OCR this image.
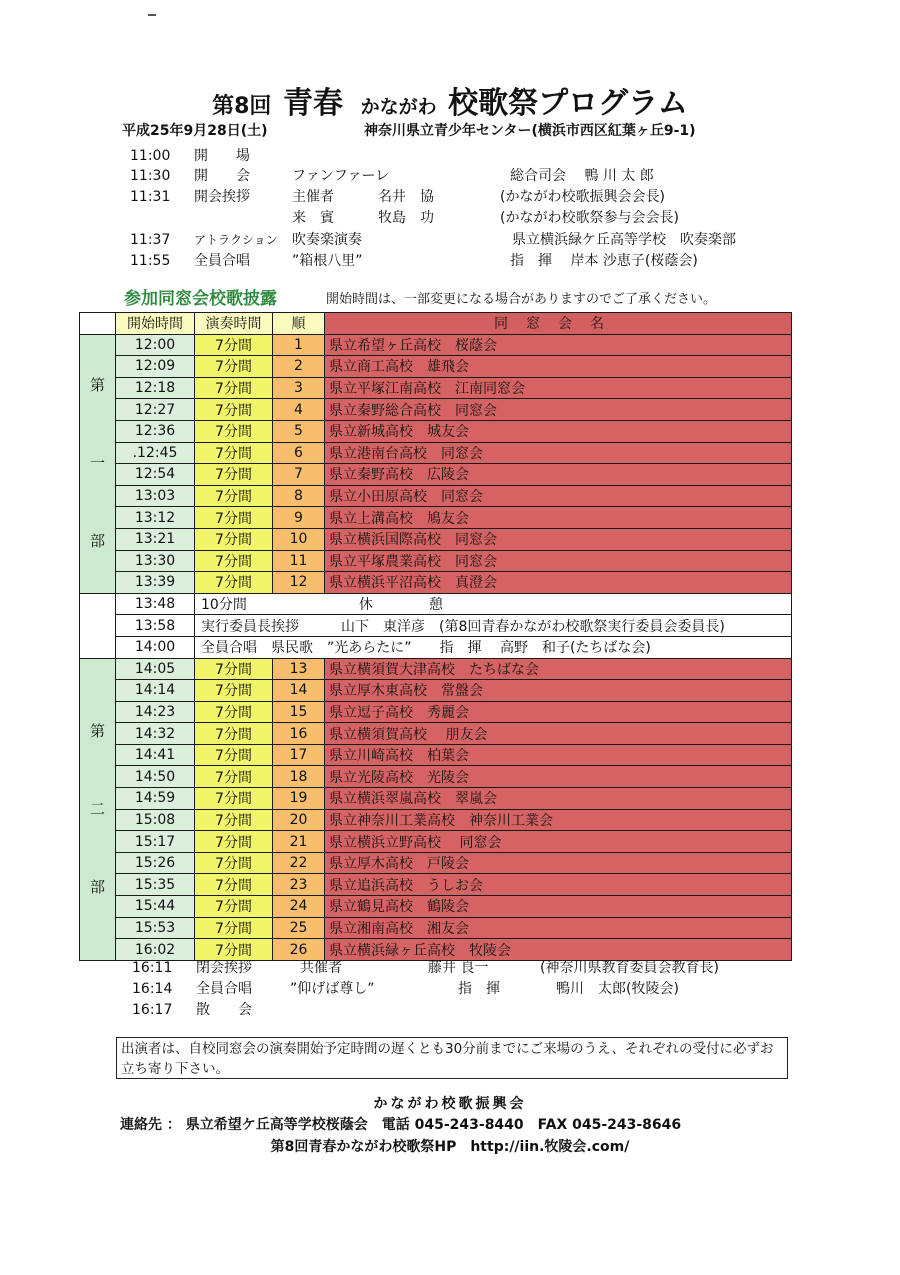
第8回 青春 かながわ 校歌祭プログラム
平成25年9月28日(土)	神奈川県立青少年センター(横浜市西区紅葉ヶ丘9-1)
11:00 開　　場
11:30 開　　会	ファンファーレ	総合司会　 鴨 川 太 郎
11:31 開会挨拶	主催者	名井　協	(かながわ校歌振興会会長)
来　賓	牧島　功	(かながわ校歌祭参与会会長)
11:37 アトラクション 吹奏楽演奏	県立横浜緑ケ丘高等学校　吹奏楽部
11:55 全員合唱	”箱根八里”	指　揮　 岸本 沙恵子(桜蔭会)
参加同窓会校歌披露	開始時間は、一部変更になる場合がありますのでご了承ください。
	開始時間	演奏時間	順	同窓会名
第

一

部	12:00	7分間	1	県立希望ヶ丘高校　桜蔭会
	12:09	7分間	2	県立商工高校　雄飛会
	12:18	7分間	3	県立平塚江南高校　江南同窓会
	12:27	7分間	4	県立秦野総合高校　同窓会
	12:36	7分間	5	県立新城高校　城友会
	.12:45	7分間	6	県立港南台高校　同窓会
	12:54	7分間	7	県立秦野高校　広陵会
	13:03	7分間	8	県立小田原高校　同窓会
	13:12	7分間	9	県立上溝高校　鳩友会
	13:21	7分間	10	県立横浜国際高校　同窓会
	13:30	7分間	11	県立平塚農業高校　同窓会
	13:39	7分間	12	県立横浜平沼高校　真澄会
	13:48	10分間　　　　　　　　休　　　　憩		
	13:58	実行委員長挨拶　　　山下　東洋彦　(第8回青春かながわ校歌祭実行委員会委員長)		
	14:00	全員合唱　県民歌　”光あらたに”　　指　揮　 高野　和子(たちばな会)		
第

二

部	14:05	7分間	13	県立横須賀大津高校　たちばな会
	14:14	7分間	14	県立厚木東高校　常盤会
	14:23	7分間	15	県立逗子高校　秀麗会
	14:32	7分間	16	県立横須賀高校　 朋友会
	14:41	7分間	17	県立川崎高校　柏葉会
	14:50	7分間	18	県立光陵高校　光陵会
	14:59	7分間	19	県立横浜翠嵐高校　翠嵐会
	15:08	7分間	20	県立神奈川工業高校　神奈川工業会
	15:17	7分間	21	県立横浜立野高校　 同窓会
	15:26	7分間	22	県立厚木高校　戸陵会
	15:35	7分間	23	県立追浜高校　うしお会
	15:44	7分間	24	県立鶴見高校　鶴陵会
	15:53	7分間	25	県立湘南高校　湘友会
	16:02	7分間	26	県立横浜緑ヶ丘高校　牧陵会
16:11 閉会挨拶	共催者	藤井 良一	(神奈川県教育委員会教育長)
16:14 全員合唱	”仰げば尊し”	指　揮	鴨川　太郎(牧陵会)
16:17 散　　会
出演者は、自校同窓会の演奏開始予定時間の遅くとも30分前までにご来場のうえ、それぞれの受付に必ずお立ち寄り下さい。
かながわ校歌振興会
連絡先 ： 県立希望ケ丘高等学校桜蔭会　電話 045-243-8440　FAX 045-243-8646
第8回青春かながわ校歌祭HP　http://iin.牧陵会.com/
